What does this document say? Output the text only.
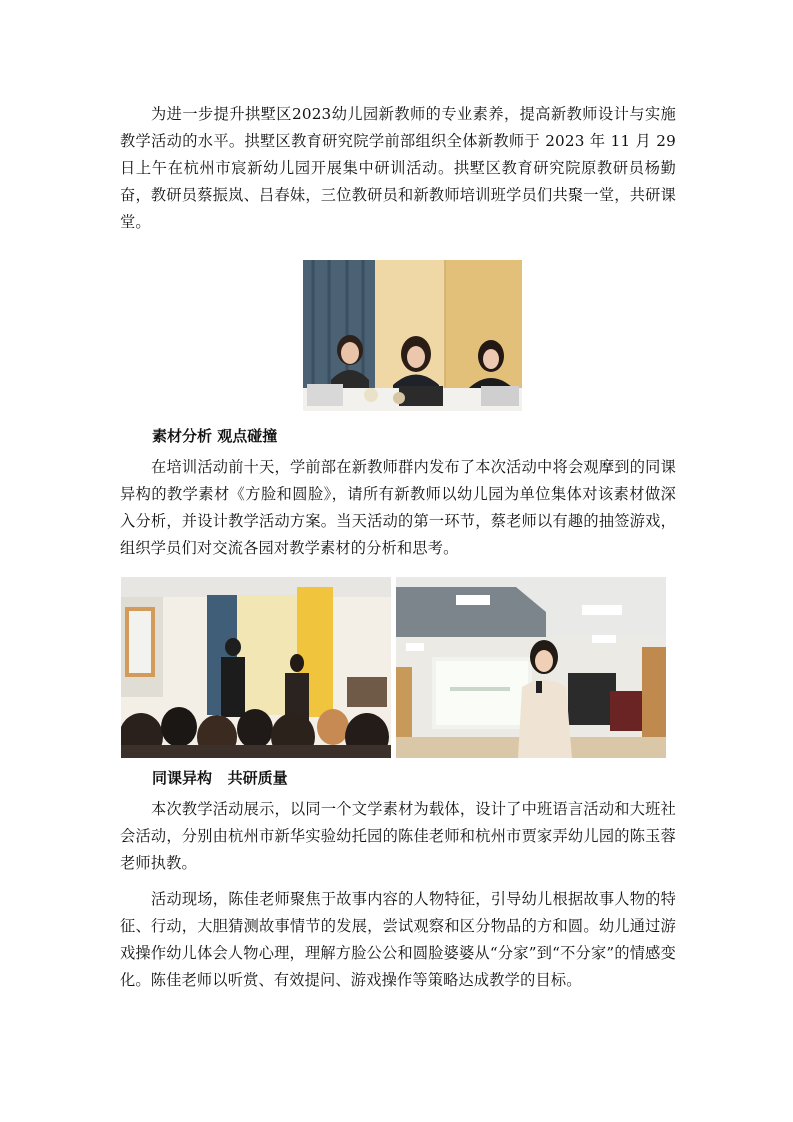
为进一步提升拱墅区2023幼儿园新教师的专业素养，提高新教师设计与实施教学活动的水平。拱墅区教育研究院学前部组织全体新教师于 2023 年 11 月 29 日上午在杭州市宸新幼儿园开展集中研训活动。拱墅区教育研究院原教研员杨勤奋，教研员蔡振岚、吕春妹，三位教研员和新教师培训班学员们共聚一堂，共研课堂。

素材分析 观点碰撞

在培训活动前十天，学前部在新教师群内发布了本次活动中将会观摩到的同课异构的教学素材《方脸和圆脸》，请所有新教师以幼儿园为单位集体对该素材做深入分析，并设计教学活动方案。当天活动的第一环节，蔡老师以有趣的抽签游戏，组织学员们对交流各园对教学素材的分析和思考。

同课异构   共研质量

本次教学活动展示，以同一个文学素材为载体，设计了中班语言活动和大班社会活动，分别由杭州市新华实验幼托园的陈佳老师和杭州市贾家弄幼儿园的陈玉蓉老师执教。

活动现场，陈佳老师聚焦于故事内容的人物特征，引导幼儿根据故事人物的特征、行动，大胆猜测故事情节的发展，尝试观察和区分物品的方和圆。幼儿通过游戏操作幼儿体会人物心理，理解方脸公公和圆脸婆婆从“分家”到“不分家”的情感变化。陈佳老师以听赏、有效提问、游戏操作等策略达成教学的目标。
